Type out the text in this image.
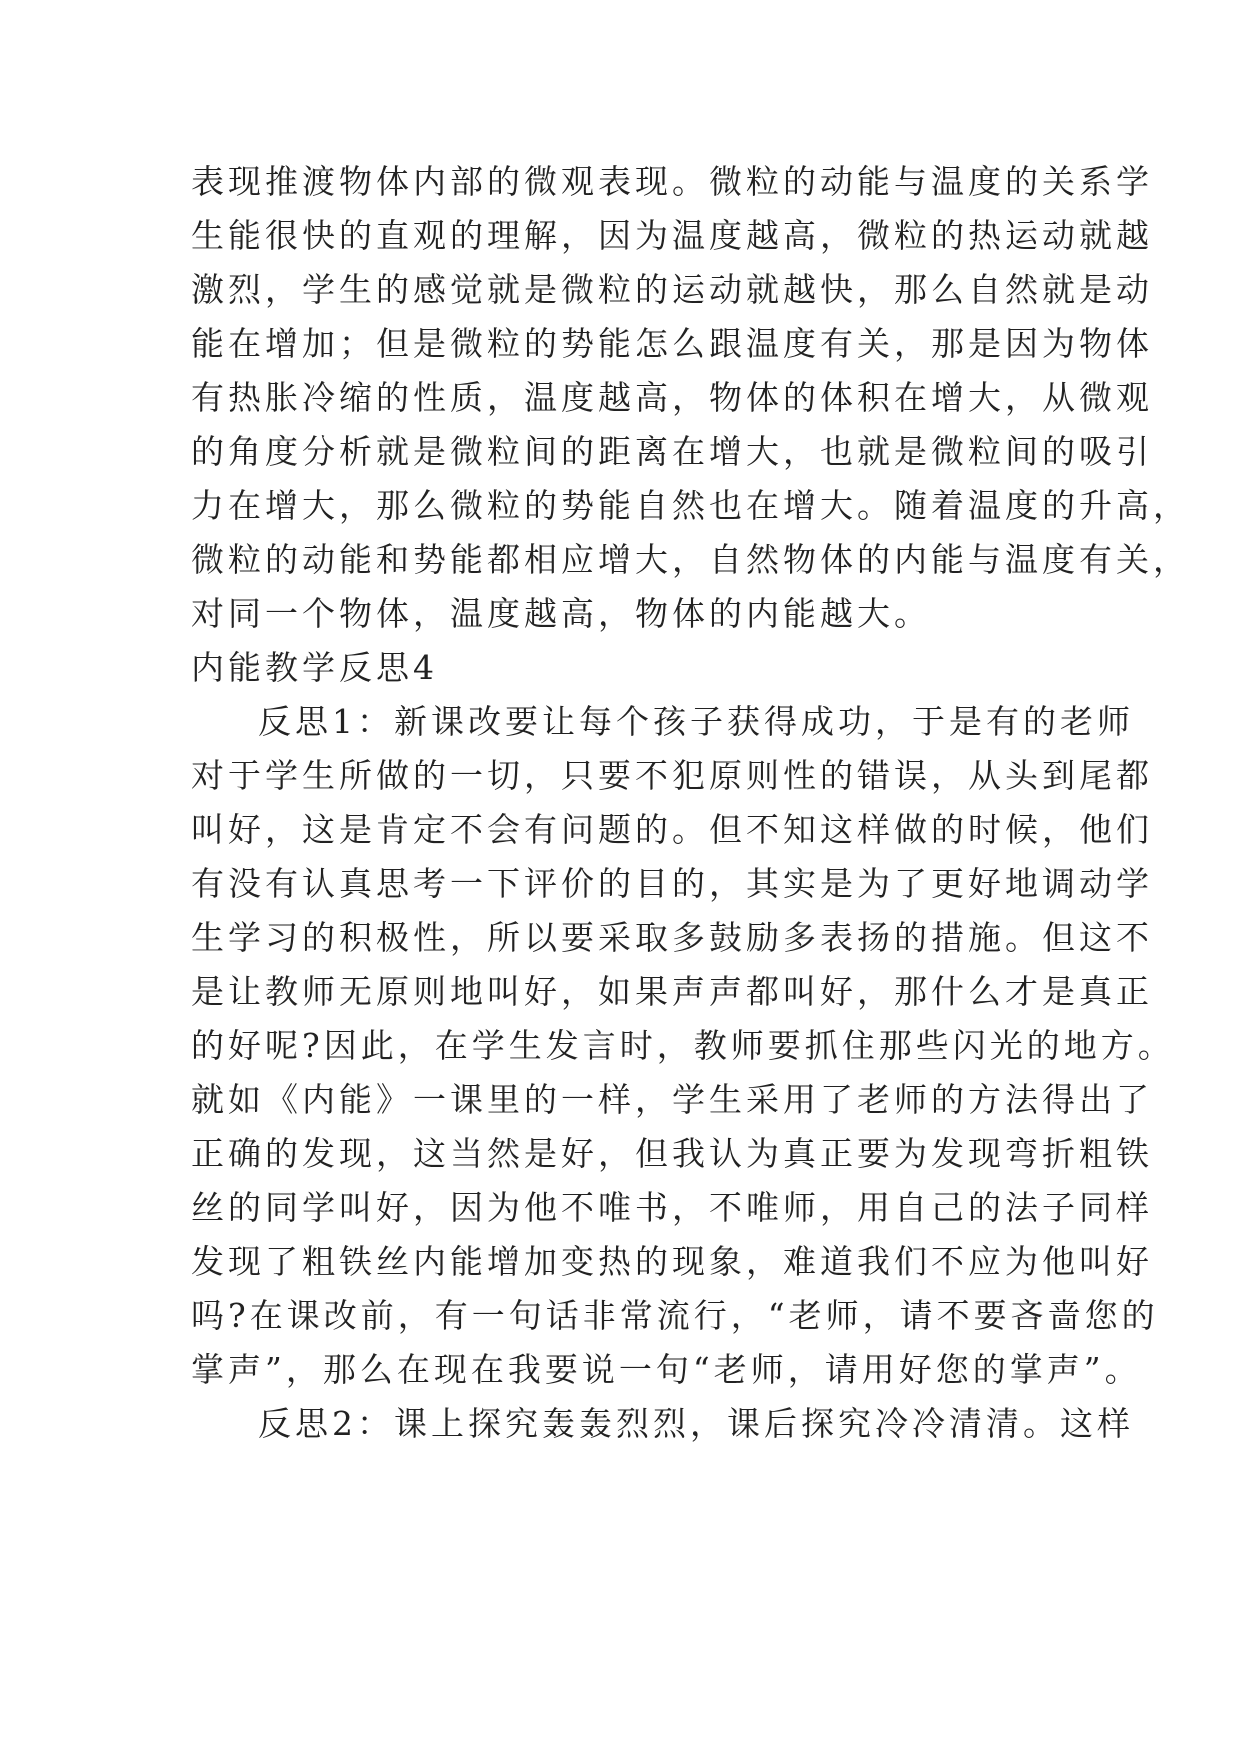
表现推渡物体内部的微观表现。微粒的动能与温度的关系学
生能很快的直观的理解，因为温度越高，微粒的热运动就越
激烈，学生的感觉就是微粒的运动就越快，那么自然就是动
能在增加；但是微粒的势能怎么跟温度有关，那是因为物体
有热胀冷缩的性质，温度越高，物体的体积在增大，从微观
的角度分析就是微粒间的距离在增大，也就是微粒间的吸引
力在增大，那么微粒的势能自然也在增大。随着温度的升高，
微粒的动能和势能都相应增大，自然物体的内能与温度有关，
对同一个物体，温度越高，物体的内能越大。
内能教学反思4
反思1：新课改要让每个孩子获得成功，于是有的老师
对于学生所做的一切，只要不犯原则性的错误，从头到尾都
叫好，这是肯定不会有问题的。但不知这样做的时候，他们
有没有认真思考一下评价的目的，其实是为了更好地调动学
生学习的积极性，所以要采取多鼓励多表扬的措施。但这不
是让教师无原则地叫好，如果声声都叫好，那什么才是真正
的好呢?因此，在学生发言时，教师要抓住那些闪光的地方。
就如《内能》一课里的一样，学生采用了老师的方法得出了
正确的发现，这当然是好，但我认为真正要为发现弯折粗铁
丝的同学叫好，因为他不唯书，不唯师，用自己的法子同样
发现了粗铁丝内能增加变热的现象，难道我们不应为他叫好
吗?在课改前，有一句话非常流行，“老师，请不要吝啬您的
掌声”，那么在现在我要说一句“老师，请用好您的掌声”。
反思2：课上探究轰轰烈烈，课后探究冷冷清清。这样
